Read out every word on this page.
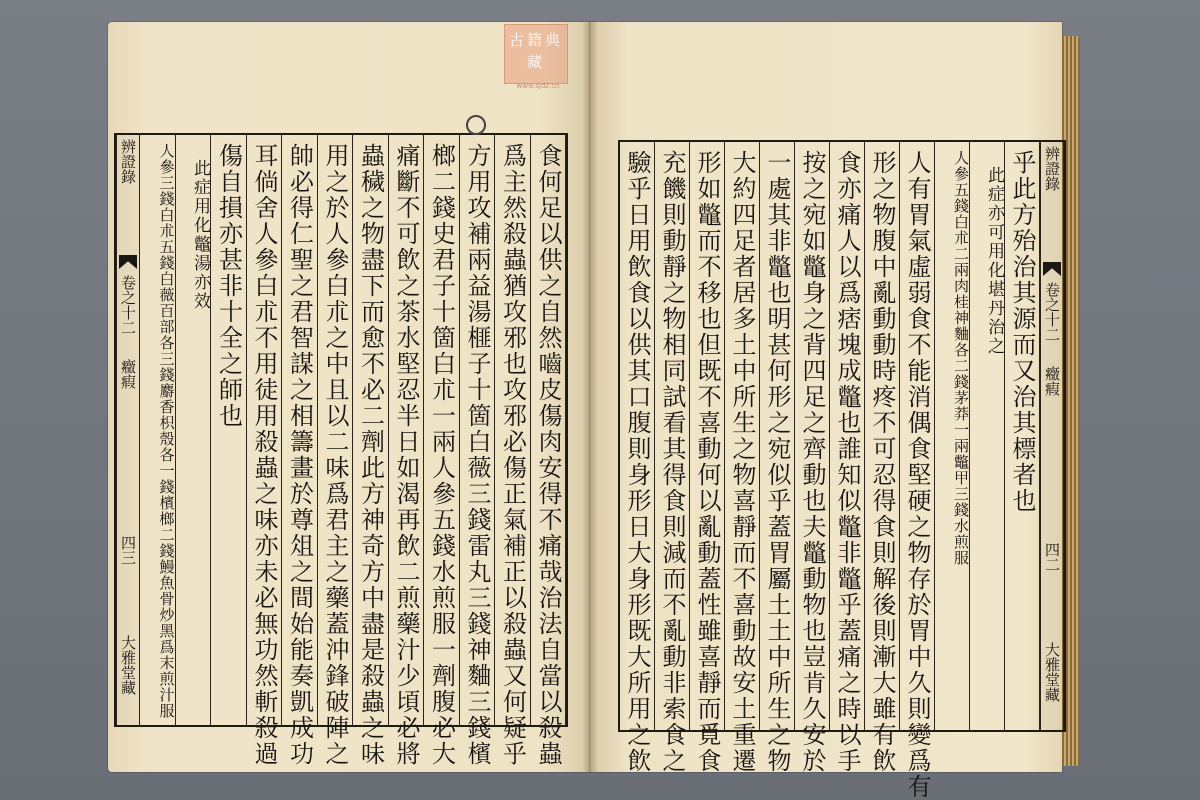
食何足以供之自然嚙皮傷肉安得不痛哉治法自當以殺蟲
爲主然殺蟲猶攻邪也攻邪必傷正氣補正以殺蟲又何疑乎
方用攻補兩益湯榧子十箇白薇三錢雷丸三錢神麯三錢檳
榔二錢史君子十箇白朮一兩人參五錢水煎服一劑腹必大
痛斷不可飲之茶水堅忍半日如渴再飲二煎藥汁少頃必將
蟲穢之物盡下而愈不必二劑此方神奇方中盡是殺蟲之味
用之於人參白朮之中且以二味爲君主之藥蓋沖鋒破陣之
帥必得仁聖之君智謀之相籌畫於尊俎之間始能奏凱成功
耳倘舍人參白朮不用徒用殺蟲之味亦未必無功然斬殺過
傷自損亦甚非十全之師也
此症用化鼈湯亦效
人參三錢白朮五錢白薇百部各三錢麝香枳殼各一錢檳榔二錢鰻魚骨炒黑爲末煎汁服
辨證錄
卷之十二
癥瘕
四三
大雅堂藏
乎此方殆治其源而又治其標者也
此症亦可用化堪丹治之
人參五錢白朮二兩肉桂神麯各二錢茅莽一兩鼈甲三錢水煎服
人有胃氣虛弱食不能消偶食堅硬之物存於胃中久則變爲有
形之物腹中亂動動時疼不可忍得食則解後則漸大雖有飲
食亦痛人以爲痞塊成鼈也誰知似鼈非鼈乎蓋痛之時以手
按之宛如鼈身之背四足之齊動也夫鼈動物也豈肯久安於
一處其非鼈也明甚何形之宛似乎蓋胃屬土土中所生之物
大約四足者居多土中所生之物喜靜而不喜動故安土重遷
形如鼈而不移也但既不喜動何以亂動蓋性雖喜靜而覓食
充饑則動靜之物相同試看其得食則減而不亂動非索食之
驗乎日用飲食以供其口腹則身形日大身形既大所用之飲	辨證錄
卷之十二
癥瘕
四二
大雅堂藏
古籍典藏
www.sjdz.cn
